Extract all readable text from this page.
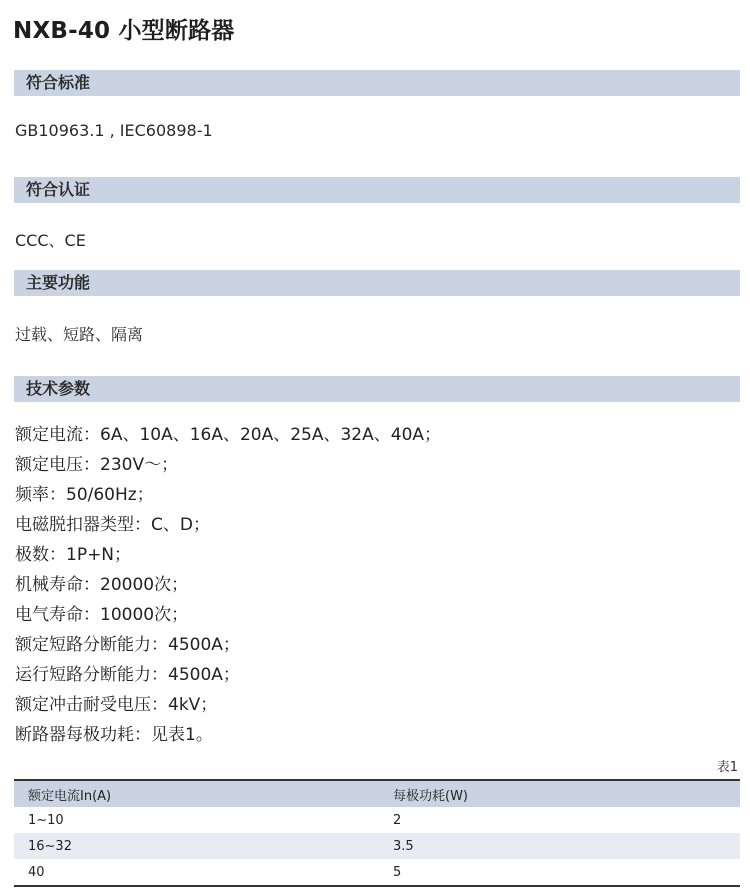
NXB-40 小型断路器
符合标准
GB10963.1 , IEC60898-1
符合认证
CCC、CE
主要功能
过载、短路、隔离
技术参数
额定电流：6A、10A、16A、20A、25A、32A、40A；
额定电压：230V～；
频率：50/60Hz；
电磁脱扣器类型：C、D；
极数：1P+N；
机械寿命：20000次；
电气寿命：10000次；
额定短路分断能力：4500A；
运行短路分断能力：4500A；
额定冲击耐受电压：4kV；
断路器每极功耗：见表1。
表1
额定电流In(A)	每极功耗(W)
1~10	2
16~32	3.5
40	5
